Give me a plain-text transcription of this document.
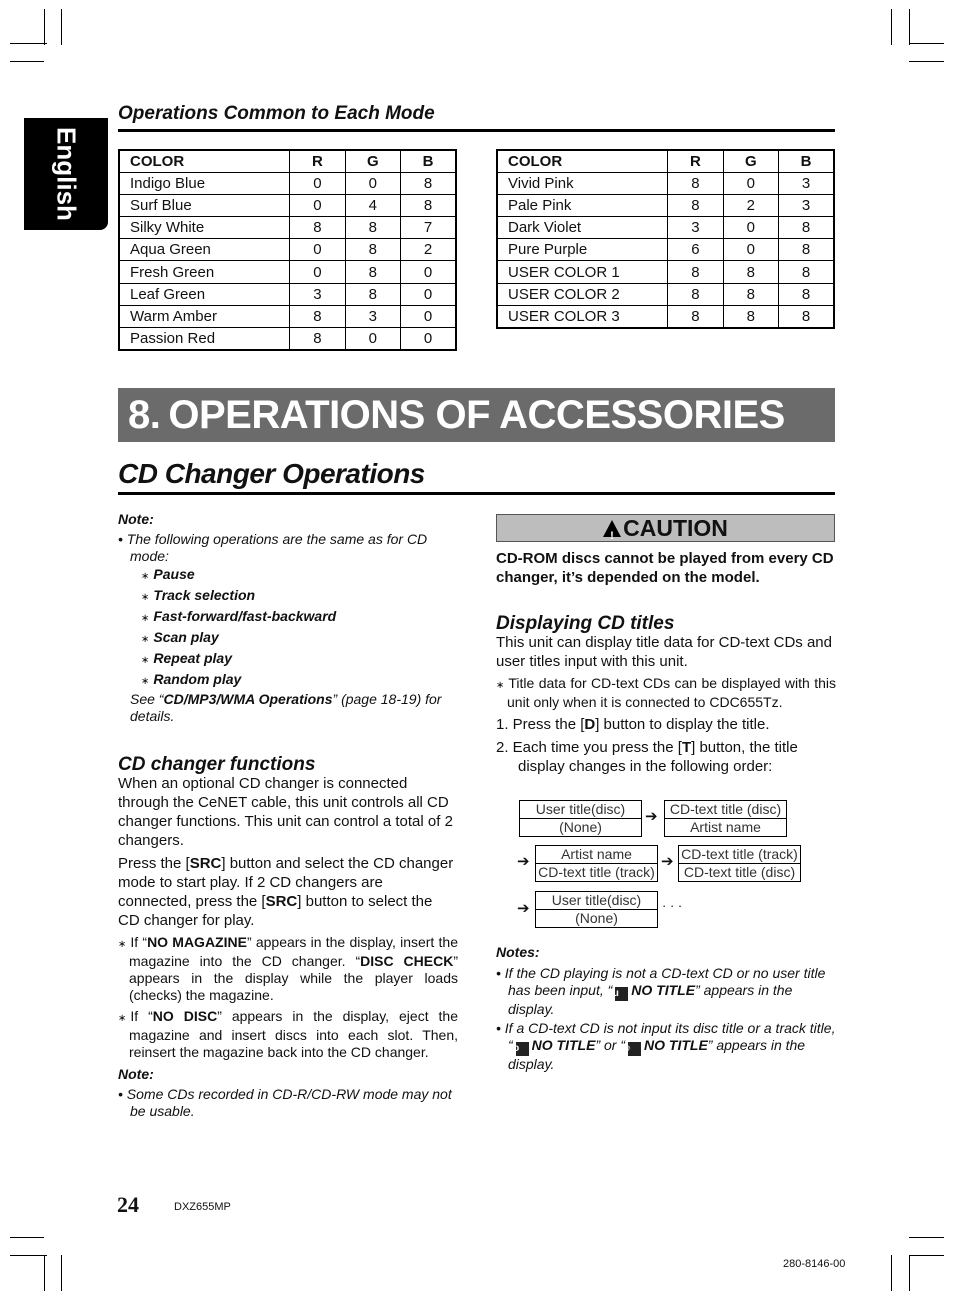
English
Operations Common to Each Mode
COLOR	R	G	B
Indigo Blue	0	0	8
Surf Blue	0	4	8
Silky White	8	8	7
Aqua Green	0	8	2
Fresh Green	0	8	0
Leaf Green	3	8	0
Warm Amber	8	3	0
Passion Red	8	0	0
COLOR	R	G	B
Vivid Pink	8	0	3
Pale Pink	8	2	3
Dark Violet	3	0	8
Pure Purple	6	0	8
USER COLOR 1	8	8	8
USER COLOR 2	8	8	8
USER COLOR 3	8	8	8
8. OPERATIONS OF ACCESSORIES
CD Changer Operations
Note:
• The following operations are the same as for CD mode:
∗ Pause
∗ Track selection
∗ Fast-forward/fast-backward
∗ Scan play
∗ Repeat play
∗ Random play
See “CD/MP3/WMA Operations” (page 18-19) for details.
CD changer functions

When an optional CD changer is connected through the CeNET cable, this unit controls all CD changer functions. This unit can control a total of 2 changers.

Press the [SRC] button and select the CD changer mode to start play. If 2 CD changers are connected, press the [SRC] button to select the CD changer for play.

∗ If “NO MAGAZINE” appears in the display, insert the magazine into the CD changer. “DISC CHECK” appears in the display while the player loads (checks) the magazine.
∗ If “NO DISC” appears in the display, eject the magazine and insert discs into each slot. Then, reinsert the magazine back into the CD changer.
Note:
• Some CDs recorded in CD-R/CD-RW mode may not be usable.
! CAUTION
CD-ROM discs cannot be played from every CD changer, it’s depended on the model.
Displaying CD titles

This unit can display title data for CD-text CDs and user titles input with this unit.

∗ Title data for CD-text CDs can be displayed with this unit only when it is connected to CDC655Tz.

1. Press the [D] button to display the title.

2. Each time you press the [T] button, the title display changes in the following order:

User title(disc)
(None)
➔ CD-text title (disc)
Artist name
➔	Artist name
CD-text title (track)
➔ CD-text title (track)
CD-text title (disc)
➔	User title(disc)
(None)
· · ·
Notes:
• If the CD playing is not a CD-text CD or no user title has been input, “u NO TITLE” appears in the display.
• If a CD-text CD is not input its disc title or a track title, “o NO TITLE” or “♪ NO TITLE” appears in the display.
24	DXZ655MP
280-8146-00
